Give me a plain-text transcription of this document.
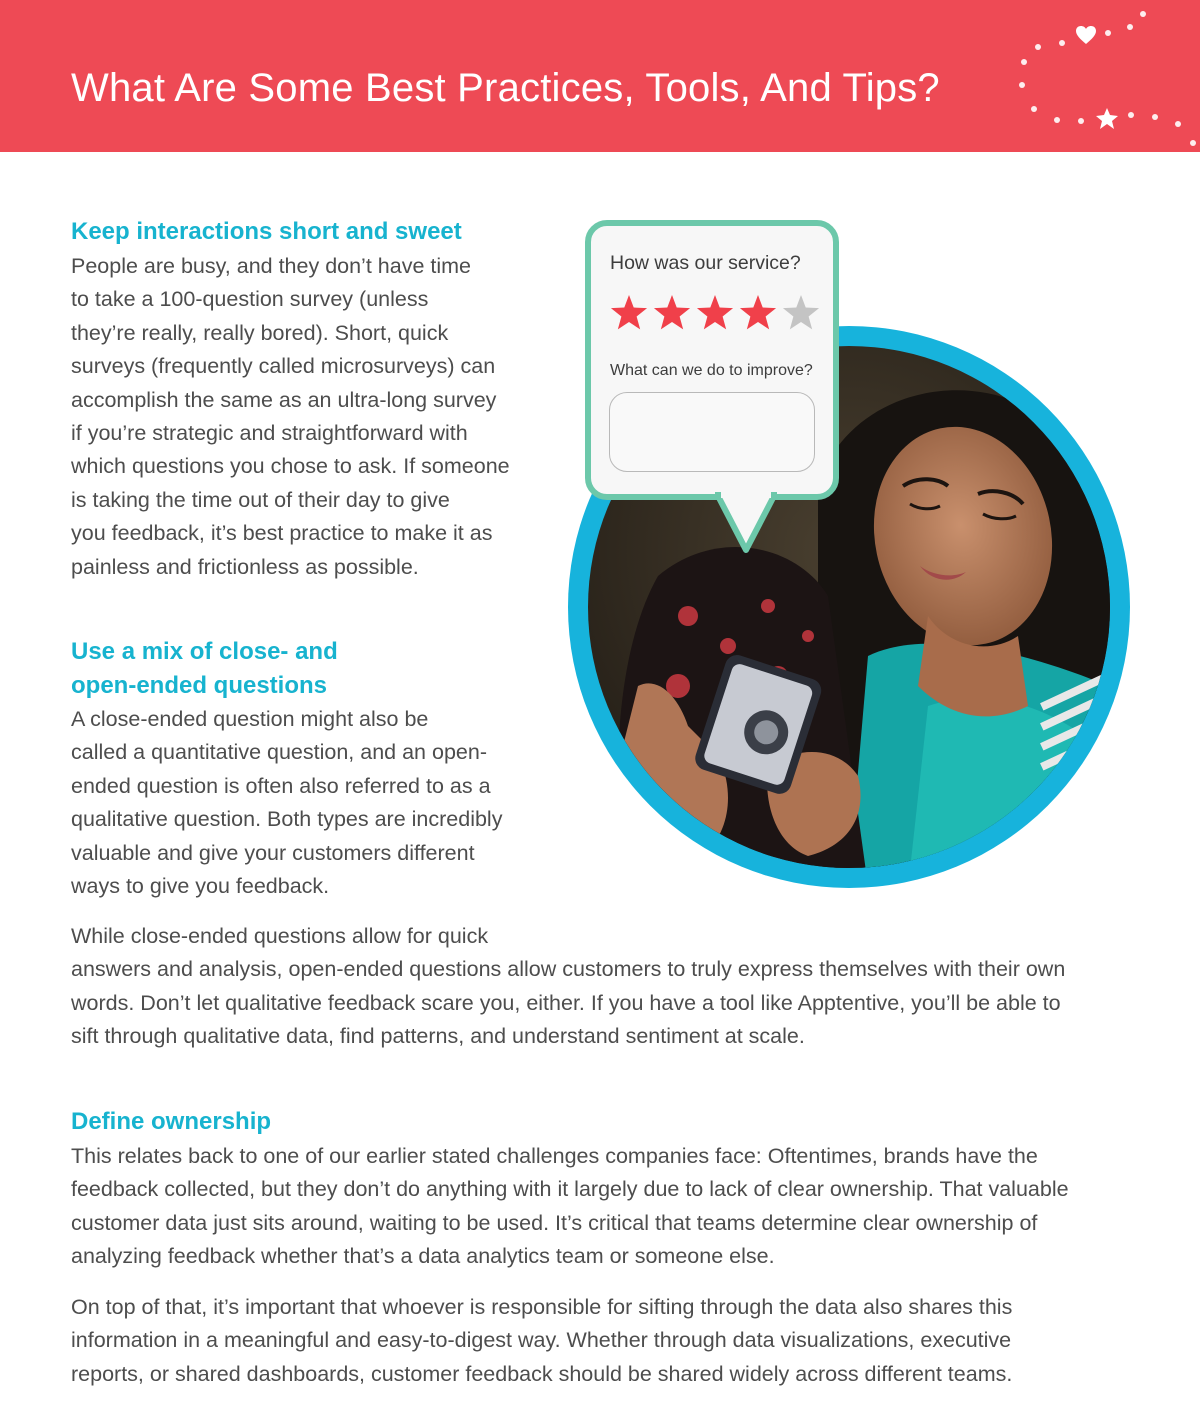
What Are Some Best Practices, Tools, And Tips?
Keep interactions short and sweet
People are busy, and they don’t have time
to take a 100-question survey (unless
they’re really, really bored). Short, quick
surveys (frequently called microsurveys) can
accomplish the same as an ultra-long survey
if you’re strategic and straightforward with
which questions you chose to ask. If someone
is taking the time out of their day to give
you feedback, it’s best practice to make it as
painless and frictionless as possible.
Use a mix of close- and
open-ended questions
A close-ended question might also be
called a quantitative question, and an open-
ended question is often also referred to as a
qualitative question. Both types are incredibly
valuable and give your customers different
ways to give you feedback.
While close-ended questions allow for quick
answers and analysis, open-ended questions allow customers to truly express themselves with their own
words. Don’t let qualitative feedback scare you, either. If you have a tool like Apptentive, you’ll be able to
sift through qualitative data, find patterns, and understand sentiment at scale.
Define ownership
This relates back to one of our earlier stated challenges companies face: Oftentimes, brands have the
feedback collected, but they don’t do anything with it largely due to lack of clear ownership. That valuable
customer data just sits around, waiting to be used. It’s critical that teams determine clear ownership of
analyzing feedback whether that’s a data analytics team or someone else.
On top of that, it’s important that whoever is responsible for sifting through the data also shares this
information in a meaningful and easy-to-digest way. Whether through data visualizations, executive
reports, or shared dashboards, customer feedback should be shared widely across different teams.
How was our service?
What can we do to improve?
